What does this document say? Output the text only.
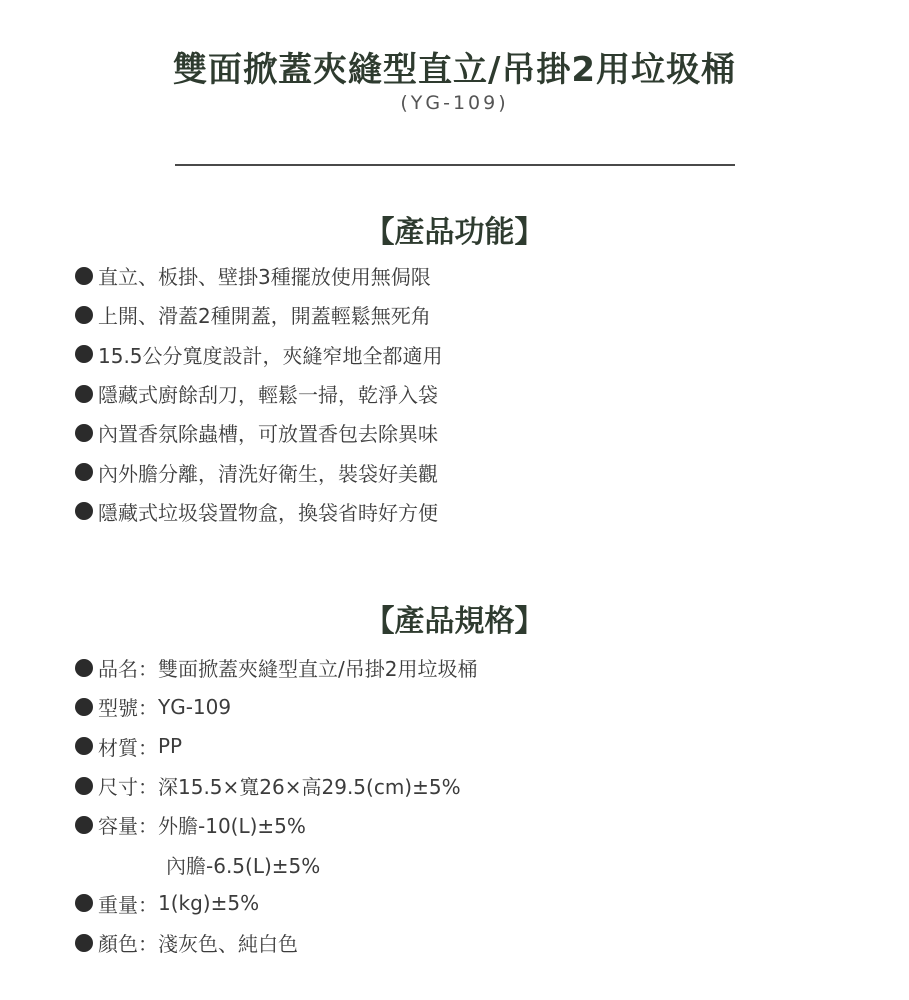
雙面掀蓋夾縫型直立/吊掛2用垃圾桶
(YG-109)
【產品功能】
直立、板掛、壁掛3種擺放使用無侷限
上開、滑蓋2種開蓋，開蓋輕鬆無死角
15.5公分寬度設計，夾縫窄地全都適用
隱藏式廚餘刮刀，輕鬆一掃，乾淨入袋
內置香氛除蟲槽，可放置香包去除異味
內外膽分離，清洗好衛生，裝袋好美觀
隱藏式垃圾袋置物盒，換袋省時好方便
【產品規格】
品名 ： 雙面掀蓋夾縫型直立/吊掛2用垃圾桶
型號 ： YG-109
材質 ： PP
尺寸 ： 深15.5×寬26×高29.5(cm)±5%
容量 ： 外膽-10(L)±5%
內膽-6.5(L)±5%
重量 ： 1(kg)±5%
顏色 ： 淺灰色、純白色
